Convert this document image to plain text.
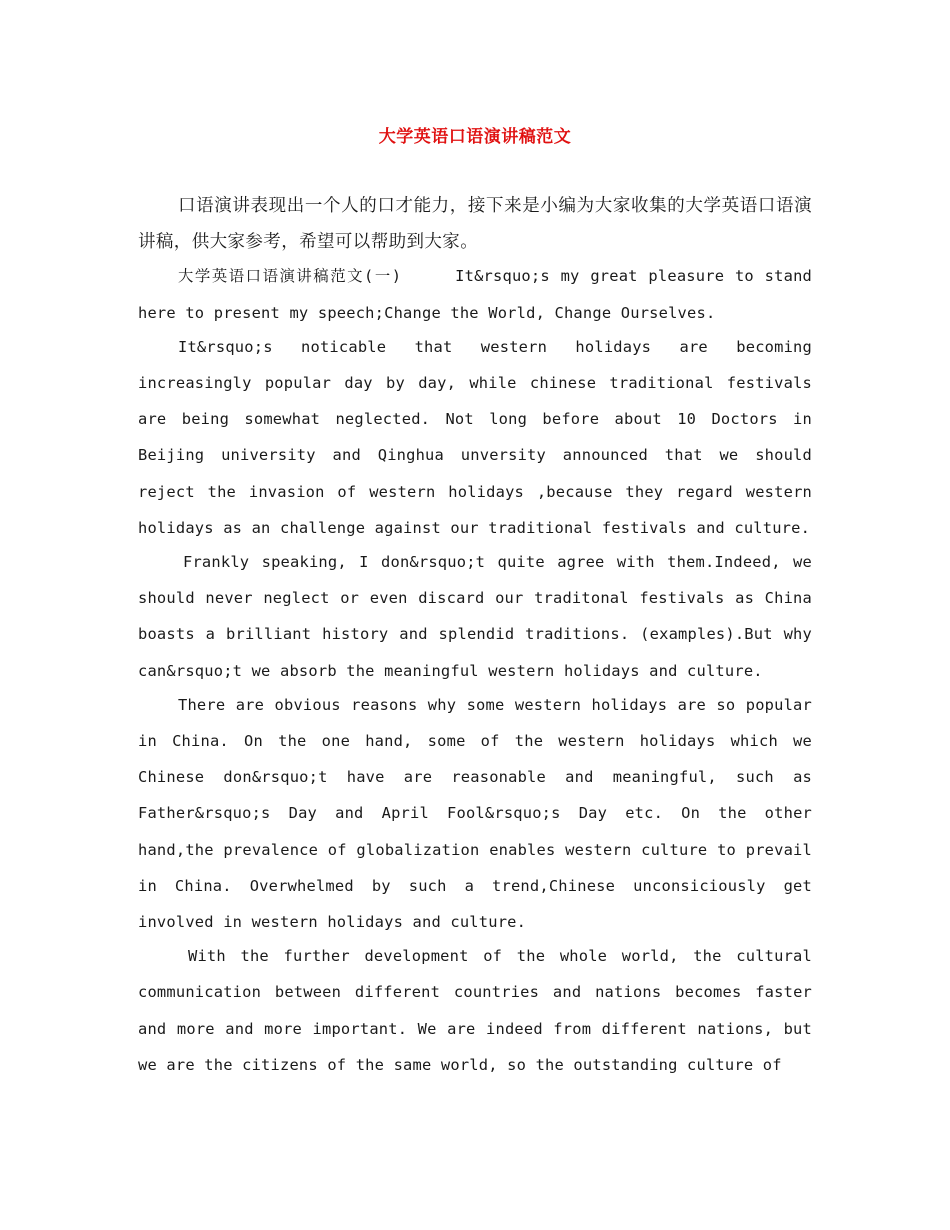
大学英语口语演讲稿范文

口语演讲表现出一个人的口才能力，接下来是小编为大家收集的大学英语口语演讲稿，供大家参考，希望可以帮助到大家。

大学英语口语演讲稿范文(一)     It&rsquo;s my great pleasure to stand here to present my speech;Change the World, Change Ourselves.

It&rsquo;s noticable that western holidays are becoming increasingly popular day by day, while chinese traditional festivals are being somewhat neglected. Not long before about 10 Doctors in Beijing university and Qinghua unversity announced that we should reject the invasion of western holidays ,because they regard western holidays as an challenge against our traditional festivals and culture.

Frankly speaking, I don&rsquo;t quite agree with them.Indeed, we should never neglect or even discard our traditonal festivals as China boasts a brilliant history and splendid traditions. (examples).But why can&rsquo;t we absorb the meaningful western holidays and culture.

There are obvious reasons why some western holidays are so popular in China. On the one hand, some of the western holidays which we Chinese don&rsquo;t have are reasonable and meaningful, such as Father&rsquo;s Day and April Fool&rsquo;s Day etc. On the other hand,the prevalence of globalization enables western culture to prevail in China. Overwhelmed by such a trend,Chinese unconsiciously get involved in western holidays and culture.

With the further development of the whole world, the cultural communication between different countries and nations becomes faster and more and more important. We are indeed from different nations, but we are the citizens of the same world, so the outstanding culture of
